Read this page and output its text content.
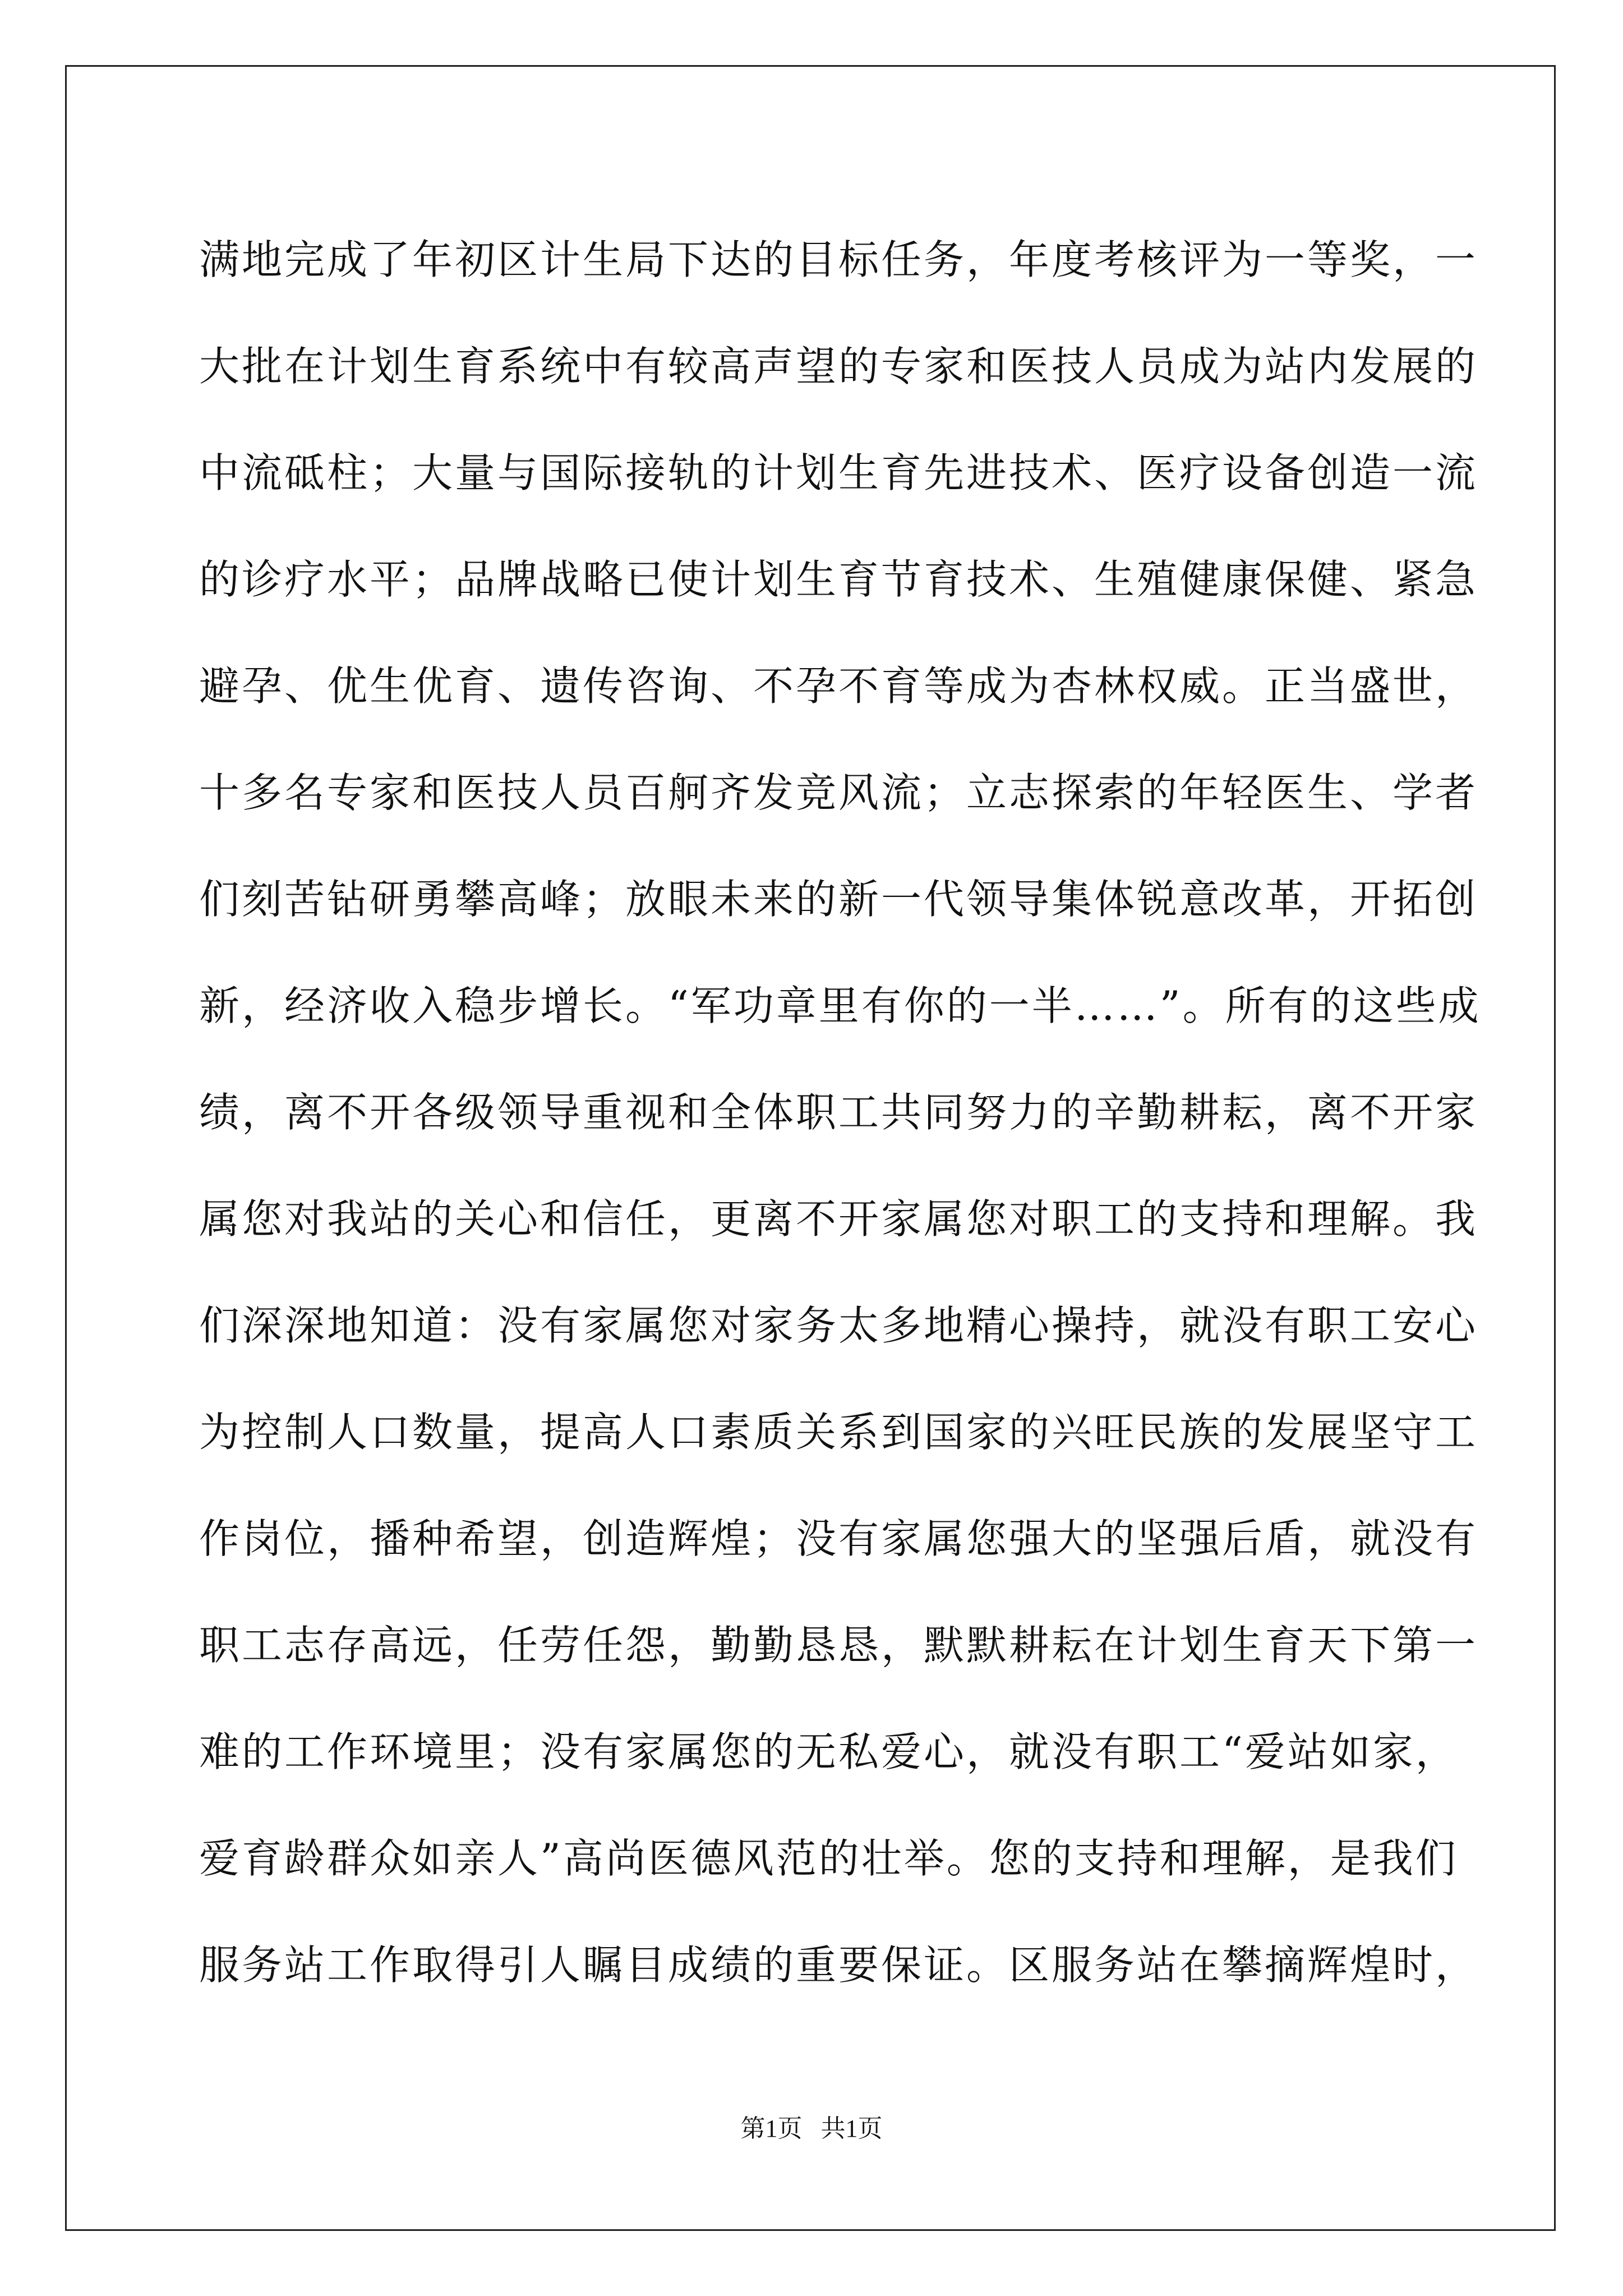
满地完成了年初区计生局下达的目标任务，年度考核评为一等奖，一
大批在计划生育系统中有较高声望的专家和医技人员成为站内发展的
中流砥柱；大量与国际接轨的计划生育先进技术、医疗设备创造一流
的诊疗水平；品牌战略已使计划生育节育技术、生殖健康保健、紧急
避孕、优生优育、遗传咨询、不孕不育等成为杏林权威。正当盛世，
十多名专家和医技人员百舸齐发竞风流；立志探索的年轻医生、学者
们刻苦钻研勇攀高峰；放眼未来的新一代领导集体锐意改革，开拓创
新，经济收入稳步增长。“军功章里有你的一半……”。所有的这些成
绩，离不开各级领导重视和全体职工共同努力的辛勤耕耘，离不开家
属您对我站的关心和信任，更离不开家属您对职工的支持和理解。我
们深深地知道：没有家属您对家务太多地精心操持，就没有职工安心
为控制人口数量，提高人口素质关系到国家的兴旺民族的发展坚守工
作岗位，播种希望，创造辉煌；没有家属您强大的坚强后盾，就没有
职工志存高远，任劳任怨，勤勤恳恳，默默耕耘在计划生育天下第一
难的工作环境里；没有家属您的无私爱心，就没有职工“爱站如家，
爱育龄群众如亲人”高尚医德风范的壮举。您的支持和理解，是我们
服务站工作取得引人瞩目成绩的重要保证。区服务站在攀摘辉煌时，
第1页   共1页
